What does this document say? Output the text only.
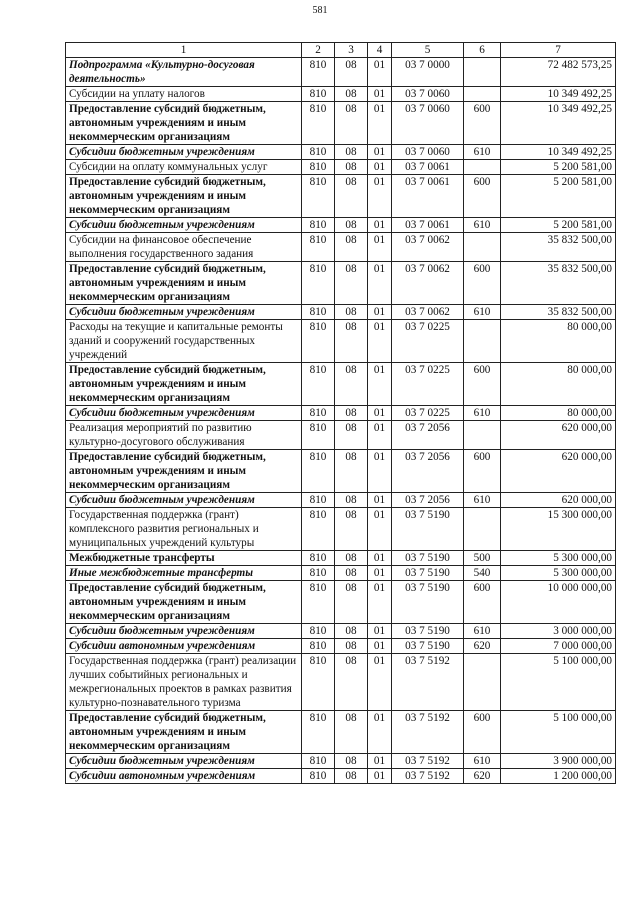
581
1	2	3	4	5	6	7
Подпрограмма «Культурно-досуговая деятельность»	810	08	01	03 7 0000		72 482 573,25
Субсидии на уплату налогов	810	08	01	03 7 0060		10 349 492,25
Предоставление субсидий бюджетным, автономным учреждениям и иным некоммерческим организациям	810	08	01	03 7 0060	600	10 349 492,25
Субсидии бюджетным учреждениям	810	08	01	03 7 0060	610	10 349 492,25
Субсидии на оплату коммунальных услуг	810	08	01	03 7 0061		5 200 581,00
Предоставление субсидий бюджетным, автономным учреждениям и иным некоммерческим организациям	810	08	01	03 7 0061	600	5 200 581,00
Субсидии бюджетным учреждениям	810	08	01	03 7 0061	610	5 200 581,00
Субсидии на финансовое обеспечение выполнения государственного задания	810	08	01	03 7 0062		35 832 500,00
Предоставление субсидий бюджетным, автономным учреждениям и иным некоммерческим организациям	810	08	01	03 7 0062	600	35 832 500,00
Субсидии бюджетным учреждениям	810	08	01	03 7 0062	610	35 832 500,00
Расходы на текущие и капитальные ремонты зданий и сооружений государственных учреждений	810	08	01	03 7 0225		80 000,00
Предоставление субсидий бюджетным, автономным учреждениям и иным некоммерческим организациям	810	08	01	03 7 0225	600	80 000,00
Субсидии бюджетным учреждениям	810	08	01	03 7 0225	610	80 000,00
Реализация мероприятий по развитию культурно-досугового обслуживания	810	08	01	03 7 2056		620 000,00
Предоставление субсидий бюджетным, автономным учреждениям и иным некоммерческим организациям	810	08	01	03 7 2056	600	620 000,00
Субсидии бюджетным учреждениям	810	08	01	03 7 2056	610	620 000,00
Государственная поддержка (грант) комплексного развития региональных и муниципальных учреждений культуры	810	08	01	03 7 5190		15 300 000,00
Межбюджетные трансферты	810	08	01	03 7 5190	500	5 300 000,00
Иные межбюджетные трансферты	810	08	01	03 7 5190	540	5 300 000,00
Предоставление субсидий бюджетным, автономным учреждениям и иным некоммерческим организациям	810	08	01	03 7 5190	600	10 000 000,00
Субсидии бюджетным учреждениям	810	08	01	03 7 5190	610	3 000 000,00
Субсидии автономным учреждениям	810	08	01	03 7 5190	620	7 000 000,00
Государственная поддержка (грант) реализации лучших событийных региональных и межрегиональных проектов в рамках развития культурно-познавательного туризма	810	08	01	03 7 5192		5 100 000,00
Предоставление субсидий бюджетным, автономным учреждениям и иным некоммерческим организациям	810	08	01	03 7 5192	600	5 100 000,00
Субсидии бюджетным учреждениям	810	08	01	03 7 5192	610	3 900 000,00
Субсидии автономным учреждениям	810	08	01	03 7 5192	620	1 200 000,00
